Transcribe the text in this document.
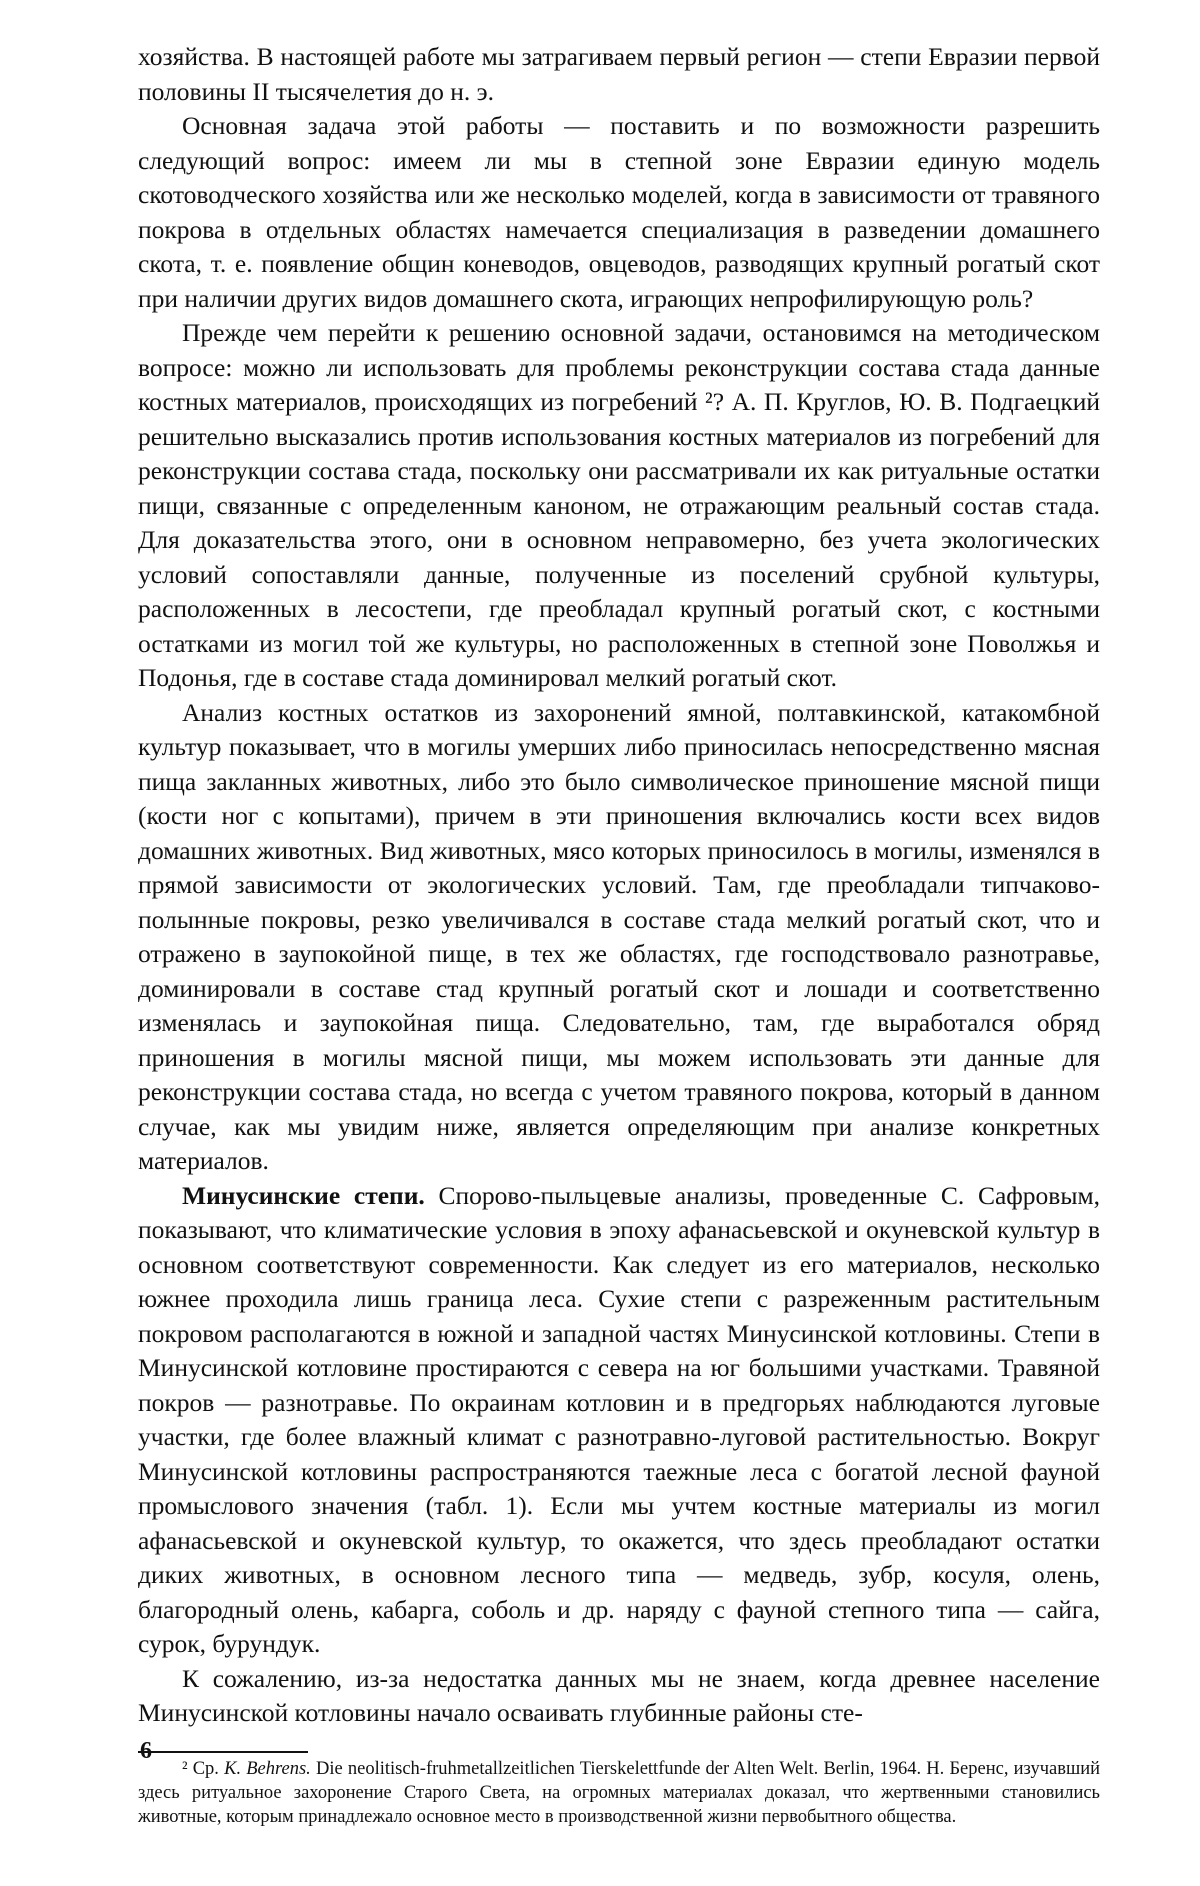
хозяйства. В настоящей работе мы затрагиваем первый регион — степи Евразии первой половины II тысячелетия до н. э.

Основная задача этой работы — поставить и по возможности разрешить следующий вопрос: имеем ли мы в степной зоне Евразии единую модель скотоводческого хозяйства или же несколько моделей, когда в зависимости от травяного покрова в отдельных областях намечается специализация в разведении домашнего скота, т. е. появление общин коневодов, овцеводов, разводящих крупный рогатый скот при наличии других видов домашнего скота, играющих непрофилирующую роль?

Прежде чем перейти к решению основной задачи, остановимся на методическом вопросе: можно ли использовать для проблемы реконструкции состава стада данные костных материалов, происходящих из погребений ²? А. П. Круглов, Ю. В. Подгаецкий решительно высказались против использования костных материалов из погребений для реконструкции состава стада, поскольку они рассматривали их как ритуальные остатки пищи, связанные с определенным каноном, не отражающим реальный состав стада. Для доказательства этого, они в основном неправомерно, без учета экологических условий сопоставляли данные, полученные из поселений срубной культуры, расположенных в лесостепи, где преобладал крупный рогатый скот, с костными остатками из могил той же культуры, но расположенных в степной зоне Поволжья и Подонья, где в составе стада доминировал мелкий рогатый скот.

Анализ костных остатков из захоронений ямной, полтавкинской, катакомбной культур показывает, что в могилы умерших либо приносилась непосредственно мясная пища заклaнных животных, либо это было символическое приношение мясной пищи (кости ног с копытами), причем в эти приношения включались кости всех видов домашних животных. Вид животных, мясо которых приносилось в могилы, изменялся в прямой зависимости от экологических условий. Там, где преобладали типчаково-полынные покровы, резко увеличивался в составе стада мелкий рогатый скот, что и отражено в заупокойной пище, в тех же областях, где господствовало разнотравье, доминировали в составе стад крупный рогатый скот и лошади и соответственно изменялась и заупокойная пища. Следовательно, там, где выработался обряд приношения в могилы мясной пищи, мы можем использовать эти данные для реконструкции состава стада, но всегда с учетом травяного покрова, который в данном случае, как мы увидим ниже, является определяющим при анализе конкретных материалов.

Минусинские степи. Спорово-пыльцевые анализы, проведенные С. Сафровым, показывают, что климатические условия в эпоху афанасьевской и окуневской культур в основном соответствуют современности. Как следует из его материалов, несколько южнее проходила лишь граница леса. Сухие степи с разреженным растительным покровом располагаются в южной и западной частях Минусинской котловины. Степи в Минусинской котловине простираются с севера на юг большими участками. Травяной покров — разнотравье. По окраинам котловин и в предгорьях наблюдаются луговые участки, где более влажный климат с разнотравно-луговой растительностью. Вокруг Минусинской котловины распространяются таежные леса с богатой лесной фауной промыслового значения (табл. 1). Если мы учтем костные материалы из могил афанасьевской и окуневской культур, то окажется, что здесь преобладают остатки диких животных, в основном лесного типа — медведь, зубр, косуля, олень, благородный олень, кабарга, соболь и др. наряду с фауной степного типа — сайга, сурок, бурундук.

К сожалению, из-за недостатка данных мы не знаем, когда древнее население Минусинской котловины начало осваивать глубинные районы сте-

² Ср. K. Behrens. Die neolitisch-fruhmetallzeitlichen Tierskelettfunde der Alten Welt. Berlin, 1964. Н. Беренс, изучавший здесь ритуальное захоронение Старого Света, на огромных материалах доказал, что жертвенными становились животные, которым принадлежало основное место в производственной жизни первобытного общества.

6
